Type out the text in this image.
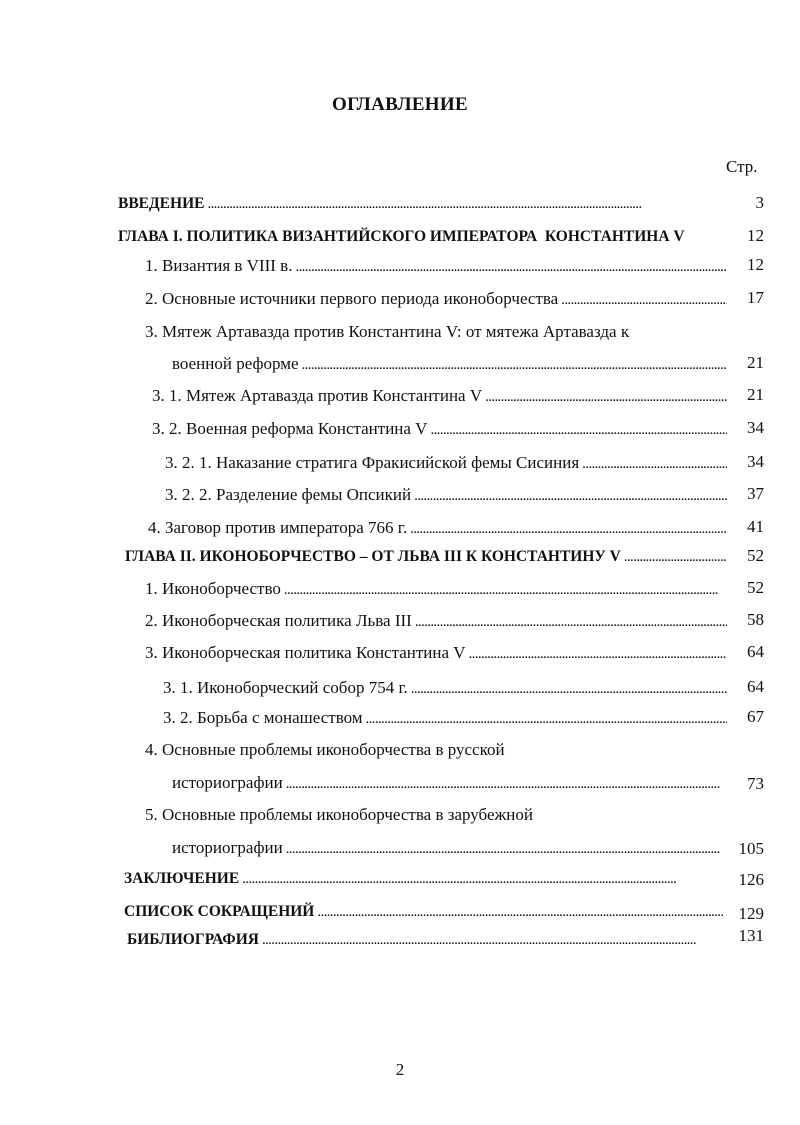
ОГЛАВЛЕНИЕ
Стр.
ВВЕДЕНИЕ . . .	3
ГЛАВА I. ПОЛИТИКА ВИЗАНТИЙСКОГО ИМПЕРАТОРА  КОНСТАНТИНА V	12
1. Византия в VIII в. . . .	12
2. Основные источники первого периода иконоборчества . . .	17
3. Мятеж Артавазда против Константина V: от мятежа Артавазда к
военной реформе . . .	21
3. 1. Мятеж Артавазда против Константина V . . .	21
3. 2. Военная реформа Константина V . . .	34
3. 2. 1. Наказание стратига Фракисийской фемы Сисиния . . .	34
3. 2. 2. Разделение фемы Опсикий . . .	37
4. Заговор против императора 766 г. . . .	41
ГЛАВА II. ИКОНОБОРЧЕСТВО – ОТ ЛЬВА III К КОНСТАНТИНУ V . . .	52
1. Иконоборчество . . .	52
2. Иконоборческая политика Льва III . . .	58
3. Иконоборческая политика Константина V . . .	64
3. 1. Иконоборческий собор 754 г. . . .	64
3. 2. Борьба с монашеством . . .	67
4. Основные проблемы иконоборчества в русской
историографии . . .	73
5. Основные проблемы иконоборчества в зарубежной
историографии . . .	105
ЗАКЛЮЧЕНИЕ . . .	126
СПИСОК СОКРАЩЕНИЙ . . .	129
БИБЛИОГРАФИЯ . . .	131
2
